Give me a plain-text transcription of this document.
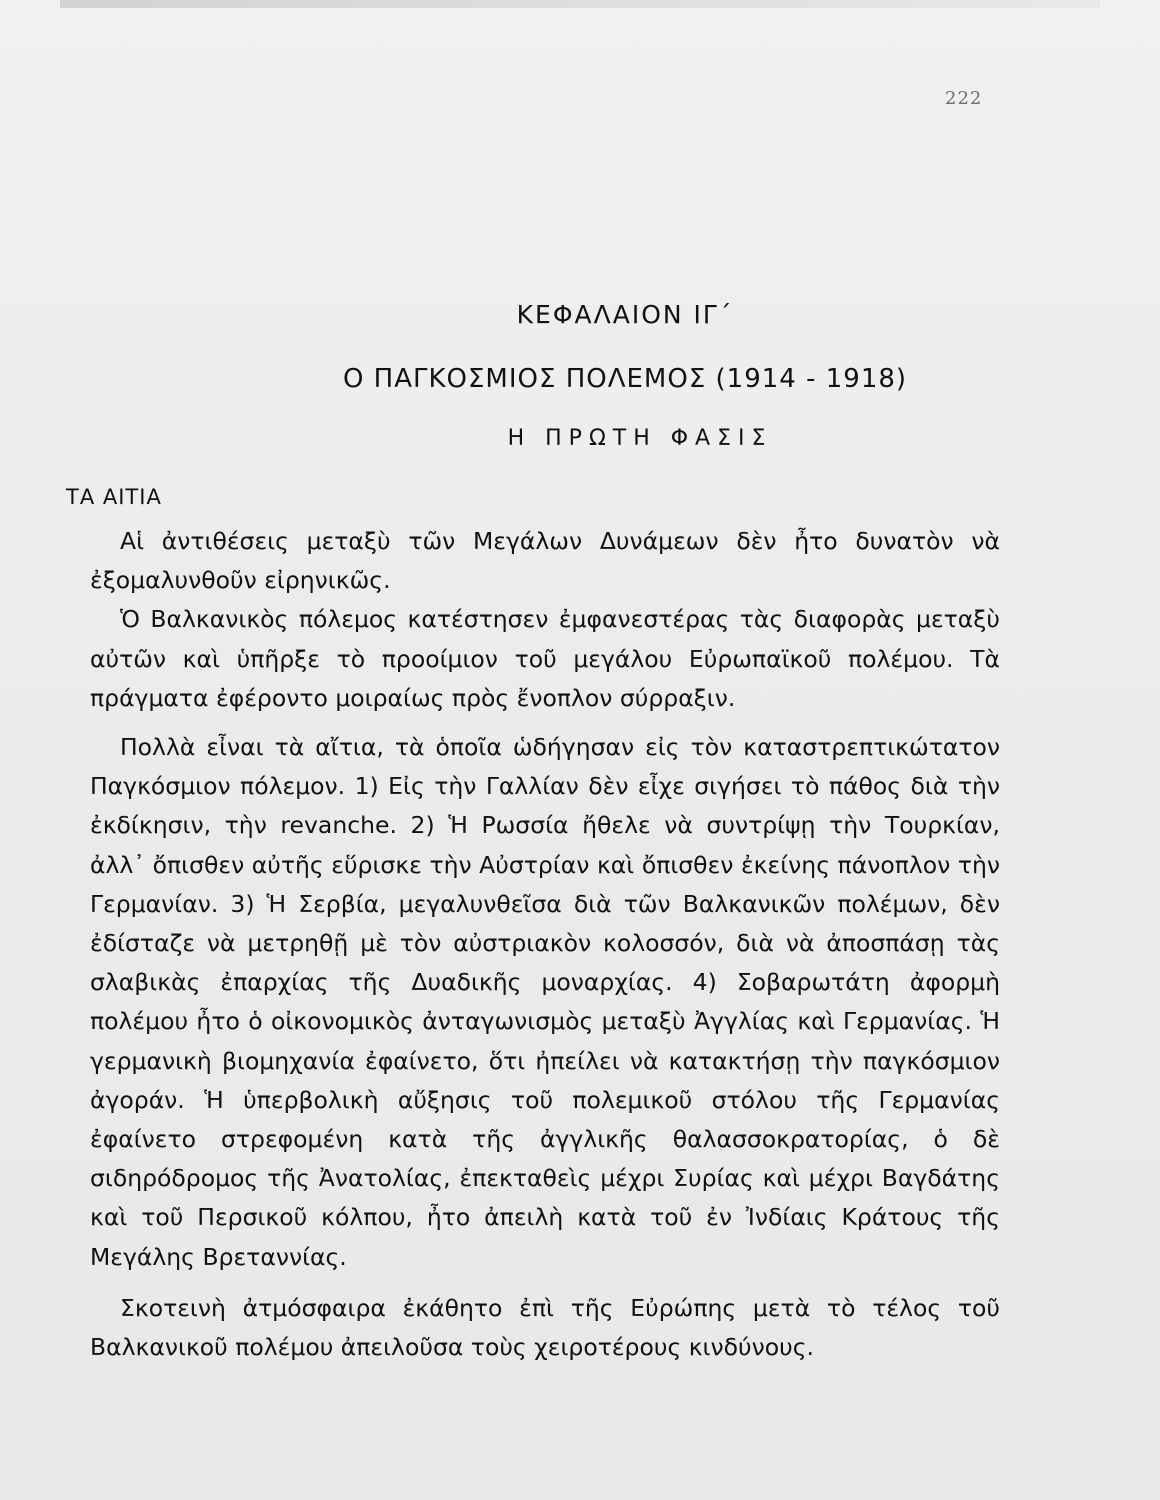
222
ΚΕΦΑΛΑΙΟΝ ΙΓ΄
Ο ΠΑΓΚΟΣΜΙΟΣ ΠΟΛΕΜΟΣ (1914 - 1918)
Η ΠΡΩΤΗ ΦΑΣΙΣ
ΤΑ ΑΙΤΙΑ

Αἱ ἀντιθέσεις μεταξὺ τῶν Μεγάλων Δυνάμεων δὲν ἦτο δυνατὸν νὰ ἐξομαλυνθοῦν εἰρηνικῶς.

Ὁ Βαλκανικὸς πόλεμος κατέστησεν ἐμφανεστέρας τὰς διαφορὰς μεταξὺ αὐτῶν καὶ ὑπῆρξε τὸ προοίμιον τοῦ μεγάλου Εὐρωπαϊκοῦ πολέμου. Τὰ πράγματα ἐφέροντο μοιραίως πρὸς ἔνοπλον σύρραξιν.

Πολλὰ εἶναι τὰ αἴτια, τὰ ὁποῖα ὡδήγησαν εἰς τὸν καταστρεπτικώτατον Παγκόσμιον πόλεμον. 1) Εἰς τὴν Γαλλίαν δὲν εἶχε σιγήσει τὸ πάθος διὰ τὴν ἐκδίκησιν, τὴν revanche. 2) Ἡ Ρωσσία ἤθελε νὰ συντρίψῃ τὴν Τουρκίαν, ἀλλ᾽ ὄπισθεν αὐτῆς εὕρισκε τὴν Αὐστρίαν καὶ ὄπισθεν ἐκείνης πάνοπλον τὴν Γερμανίαν. 3) Ἡ Σερβία, μεγαλυνθεῖσα διὰ τῶν Βαλκανικῶν πολέμων, δὲν ἐδίσταζε νὰ μετρηθῇ μὲ τὸν αὐστριακὸν κολοσσόν, διὰ νὰ ἀποσπάσῃ τὰς σλαβικὰς ἐπαρχίας τῆς Δυαδικῆς μοναρχίας. 4) Σοβαρωτάτη ἀφορμὴ πολέμου ἦτο ὁ οἰκονομικὸς ἀνταγωνισμὸς μεταξὺ Ἀγγλίας καὶ Γερμανίας. Ἡ γερμανικὴ βιομηχανία ἐφαίνετο, ὅτι ἠπείλει νὰ κατακτήσῃ τὴν παγκόσμιον ἀγοράν. Ἡ ὑπερβολικὴ αὔξησις τοῦ πολεμικοῦ στόλου τῆς Γερμανίας ἐφαίνετο στρεφομένη κατὰ τῆς ἀγγλικῆς θαλασσοκρατορίας, ὁ δὲ σιδηρόδρομος τῆς Ἀνατολίας, ἐπεκταθεὶς μέχρι Συρίας καὶ μέχρι Βαγδάτης καὶ τοῦ Περσικοῦ κόλπου, ἦτο ἀπειλὴ κατὰ τοῦ ἐν Ἰνδίαις Κράτους τῆς Μεγάλης Βρεταννίας.

Σκοτεινὴ ἀτμόσφαιρα ἐκάθητο ἐπὶ τῆς Εὐρώπης μετὰ τὸ τέλος τοῦ Βαλκανικοῦ πολέμου ἀπειλοῦσα τοὺς χειροτέρους κινδύνους.
